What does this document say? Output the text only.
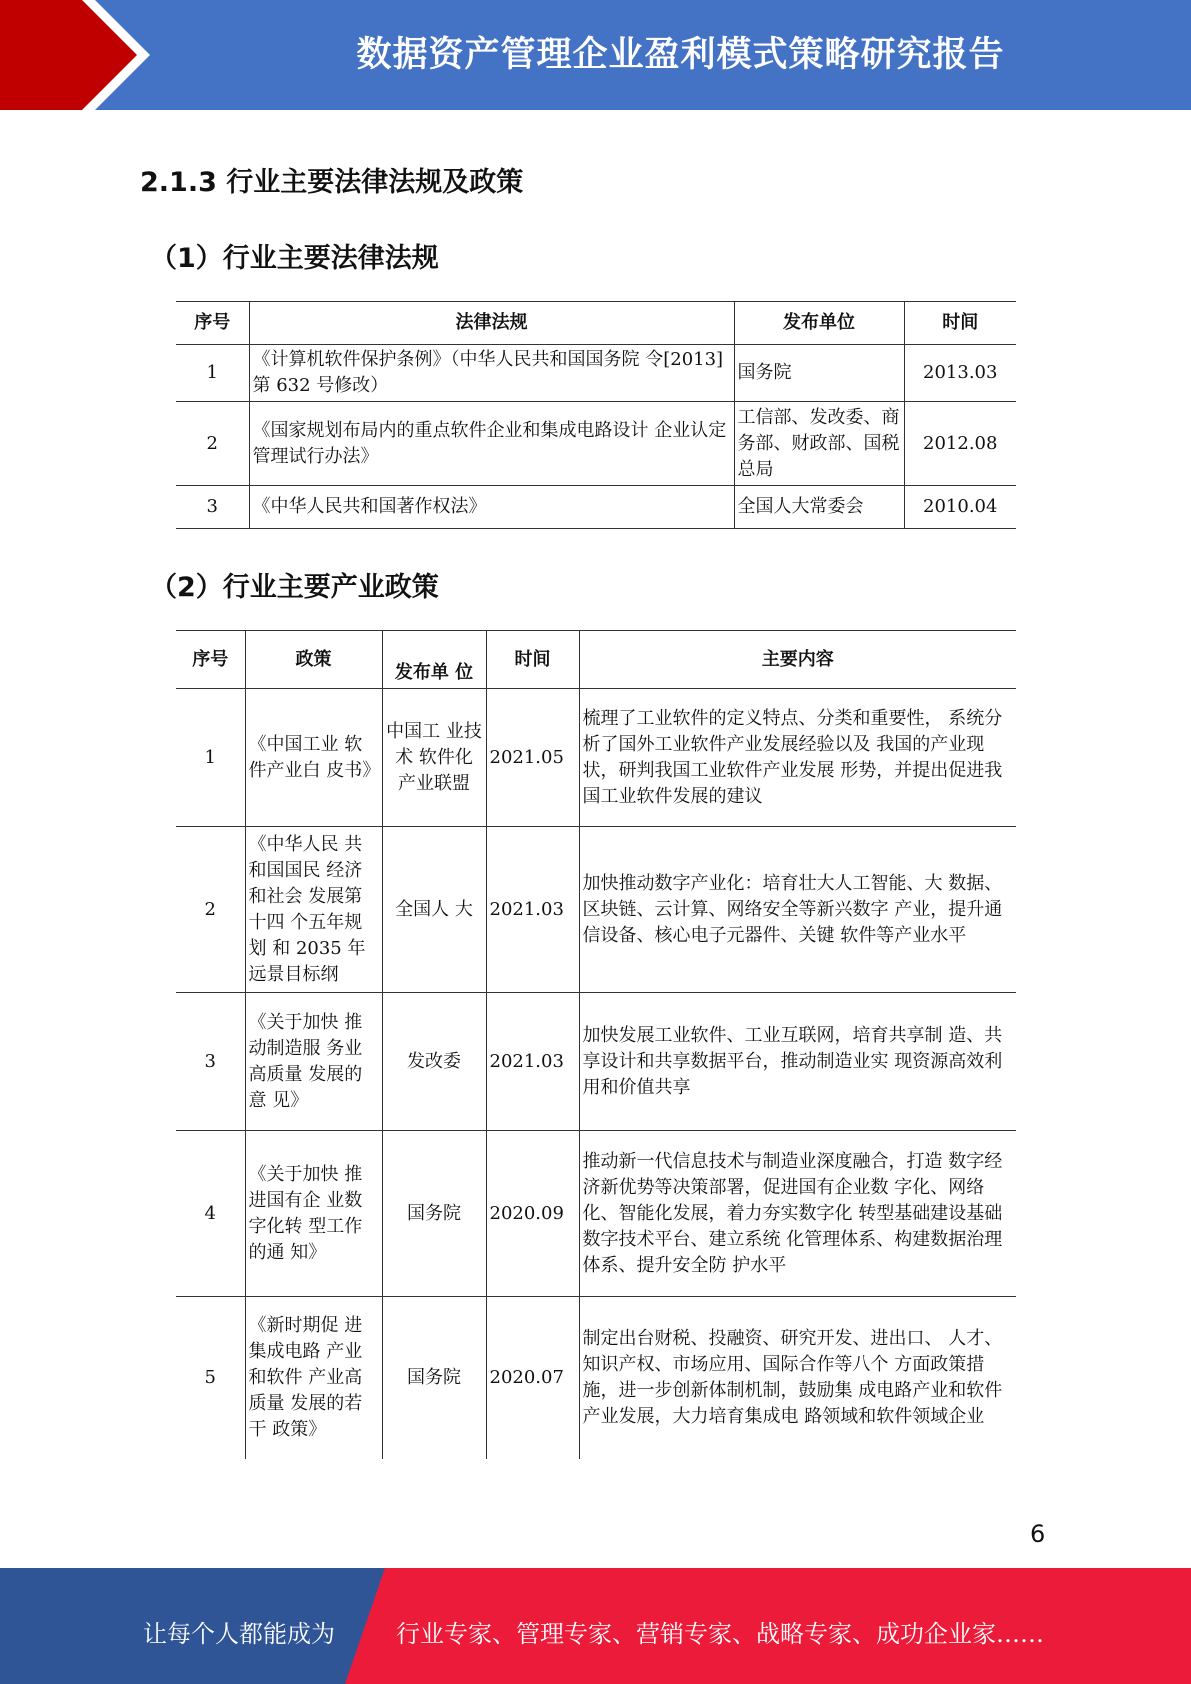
数据资产管理企业盈利模式策略研究报告
2.1.3 行业主要法律法规及政策
（1）行业主要法律法规
序号	法律法规	发布单位	时间
1	《计算机软件保护条例》（中华人民共和国国务院 令[2013]第 632 号修改）	国务院	2013.03
2	《国家规划布局内的重点软件企业和集成电路设计 企业认定管理试行办法》	工信部、发改委、商务部、财政部、国税总局	2012.08
3	《中华人民共和国著作权法》	全国人大常委会	2010.04
（2）行业主要产业政策
序号	政策	发布单 位	时间	主要内容
1	《中国工业 软件产业白 皮书》	中国工 业技术 软件化 产业联盟	2021.05	梳理了工业软件的定义特点、分类和重要性， 系统分析了国外工业软件产业发展经验以及 我国的产业现状，研判我国工业软件产业发展 形势，并提出促进我国工业软件发展的建议
2	《中华人民 共和国国民 经济和社会 发展第十四 个五年规划 和 2035 年远景目标纲	全国人 大	2021.03	加快推动数字产业化：培育壮大人工智能、大 数据、区块链、云计算、网络安全等新兴数字 产业，提升通信设备、核心电子元器件、关键 软件等产业水平
3	《关于加快 推动制造服 务业高质量 发展的意 见》	发改委	2021.03	加快发展工业软件、工业互联网，培育共享制 造、共享设计和共享数据平台，推动制造业实 现资源高效利用和价值共享
4	《关于加快 推进国有企 业数字化转 型工作的通 知》	国务院	2020.09	推动新一代信息技术与制造业深度融合，打造 数字经济新优势等决策部署，促进国有企业数 字化、网络化、智能化发展，着力夯实数字化 转型基础建设基础数字技术平台、建立系统 化管理体系、构建数据治理体系、提升安全防 护水平
5	《新时期促 进集成电路 产业和软件 产业高质量 发展的若干 政策》	国务院	2020.07	制定出台财税、投融资、研究开发、进出口、 人才、知识产权、市场应用、国际合作等八个 方面政策措施，进一步创新体制机制，鼓励集 成电路产业和软件产业发展，大力培育集成电 路领域和软件领域企业
6
让每个人都能成为	行业专家、管理专家、营销专家、战略专家、成功企业家……
